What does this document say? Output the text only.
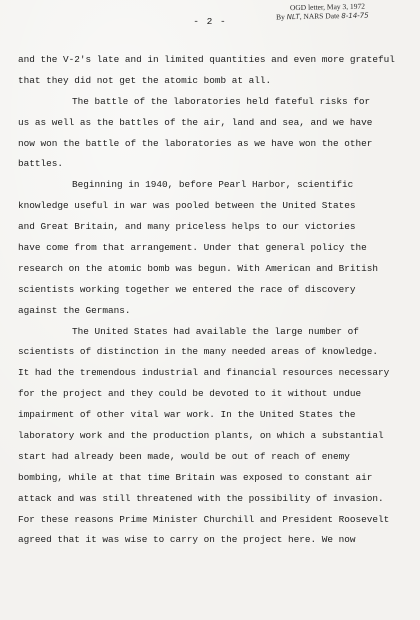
OGD letter, May 3, 1972
By NLT, NARS Date 8-14-75
- 2 -
and the V-2's late and in limited quantities and even more grateful
that they did not get the atomic bomb at all.
The battle of the laboratories held fateful risks for
us as well as the battles of the air, land and sea, and we have
now won the battle of the laboratories as we have won the other
battles.
Beginning in 1940, before Pearl Harbor, scientific
knowledge useful in war was pooled between the United States
and Great Britain, and many priceless helps to our victories
have come from that arrangement. Under that general policy the
research on the atomic bomb was begun. With American and British
scientists working together we entered the race of discovery
against the Germans.
The United States had available the large number of
scientists of distinction in the many needed areas of knowledge.
It had the tremendous industrial and financial resources necessary
for the project and they could be devoted to it without undue
impairment of other vital war work. In the United States the
laboratory work and the production plants, on which a substantial
start had already been made, would be out of reach of enemy
bombing, while at that time Britain was exposed to constant air
attack and was still threatened with the possibility of invasion.
For these reasons Prime Minister Churchill and President Roosevelt
agreed that it was wise to carry on the project here. We now
